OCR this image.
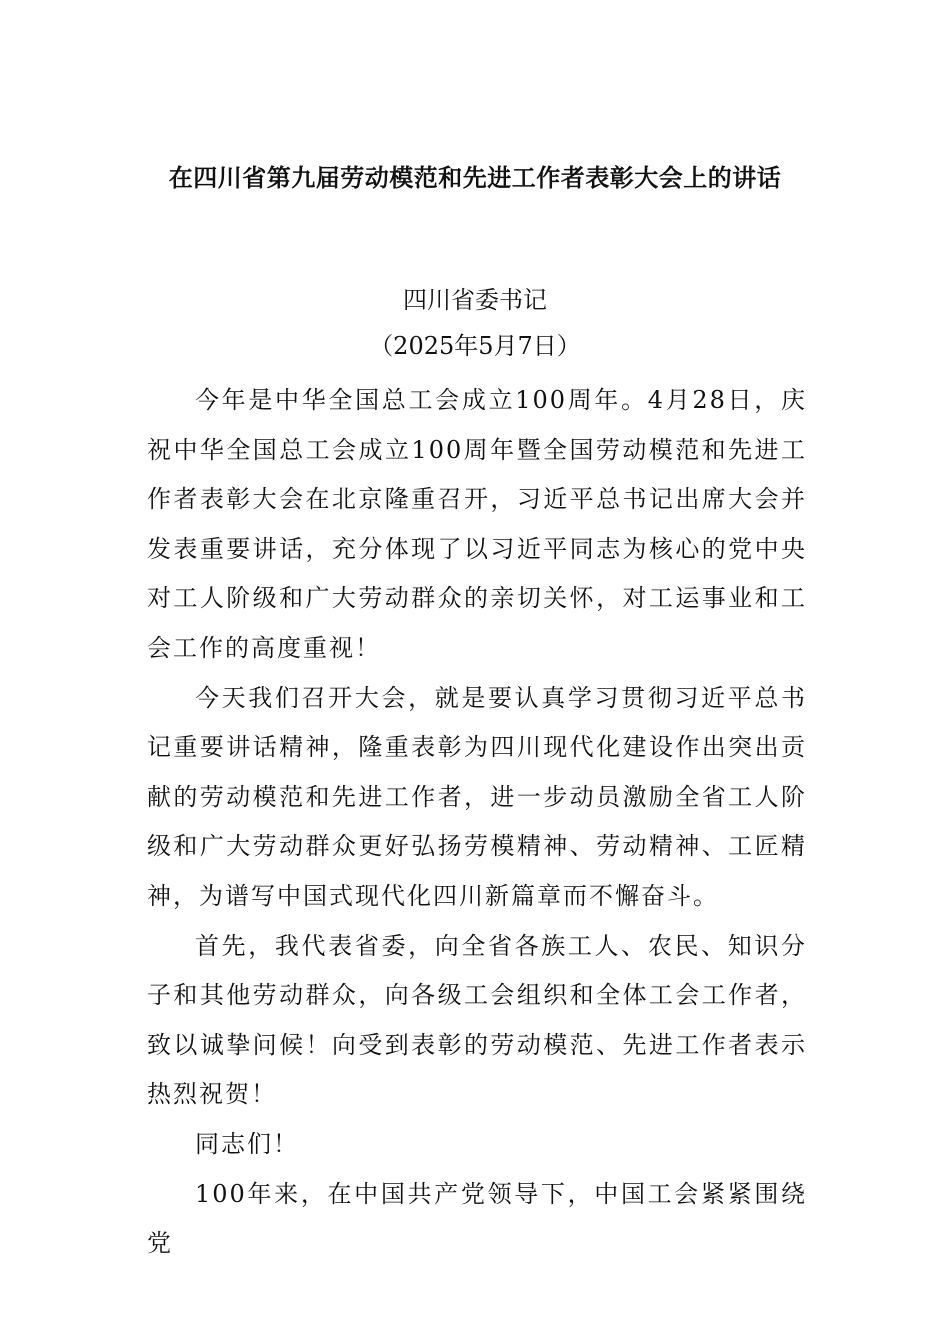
在四川省第九届劳动模范和先进工作者表彰大会上的讲话
四川省委书记
（2025年5月7日）

今年是中华全国总工会成立100周年。4月28日，庆祝中华全国总工会成立100周年暨全国劳动模范和先进工作者表彰大会在北京隆重召开，习近平总书记出席大会并发表重要讲话，充分体现了以习近平同志为核心的党中央对工人阶级和广大劳动群众的亲切关怀，对工运事业和工会工作的高度重视！

今天我们召开大会，就是要认真学习贯彻习近平总书记重要讲话精神，隆重表彰为四川现代化建设作出突出贡献的劳动模范和先进工作者，进一步动员激励全省工人阶级和广大劳动群众更好弘扬劳模精神、劳动精神、工匠精神，为谱写中国式现代化四川新篇章而不懈奋斗。

首先，我代表省委，向全省各族工人、农民、知识分子和其他劳动群众，向各级工会组织和全体工会工作者，致以诚挚问候！向受到表彰的劳动模范、先进工作者表示热烈祝贺！

同志们！

100年来，在中国共产党领导下，中国工会紧紧围绕党
